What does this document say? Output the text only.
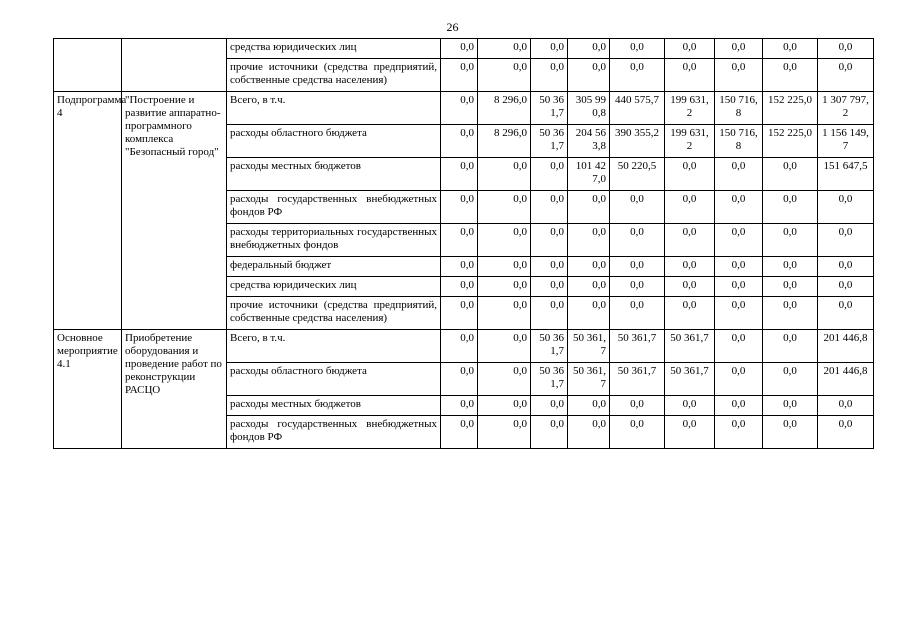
26
		средства юридических лиц	0,0	0,0	0,0	0,0	0,0	0,0	0,0	0,0	0,0
		прочие источники (средства предприятий, собственные средства населения)	0,0	0,0	0,0	0,0	0,0	0,0	0,0	0,0	0,0
Подпрограмма 4	"Построение и развитие аппаратно-программного комплекса "Безопасный город"	Всего, в т.ч.	0,0	8 296,0	50 361,7	305 990,8	440 575,7	199 631,2	150 716,8	152 225,0	1 307 797,2
		расходы областного бюджета	0,0	8 296,0	50 361,7	204 563,8	390 355,2	199 631,2	150 716,8	152 225,0	1 156 149,7
		расходы местных бюджетов	0,0	0,0	0,0	101 427,0	50 220,5	0,0	0,0	0,0	151 647,5
		расходы государственных внебюджетных фондов РФ	0,0	0,0	0,0	0,0	0,0	0,0	0,0	0,0	0,0
		расходы территориальных государственных внебюджетных фондов	0,0	0,0	0,0	0,0	0,0	0,0	0,0	0,0	0,0
		федеральный бюджет	0,0	0,0	0,0	0,0	0,0	0,0	0,0	0,0	0,0
		средства юридических лиц	0,0	0,0	0,0	0,0	0,0	0,0	0,0	0,0	0,0
		прочие источники (средства предприятий, собственные средства населения)	0,0	0,0	0,0	0,0	0,0	0,0	0,0	0,0	0,0
Основное мероприятие 4.1	Приобретение оборудования и проведение работ по реконструкции РАСЦО	Всего, в т.ч.	0,0	0,0	50 361,7	50 361,7	50 361,7	50 361,7	0,0	0,0	201 446,8
		расходы областного бюджета	0,0	0,0	50 361,7	50 361,7	50 361,7	50 361,7	0,0	0,0	201 446,8
		расходы местных бюджетов	0,0	0,0	0,0	0,0	0,0	0,0	0,0	0,0	0,0
		расходы государственных внебюджетных фондов РФ	0,0	0,0	0,0	0,0	0,0	0,0	0,0	0,0	0,0
